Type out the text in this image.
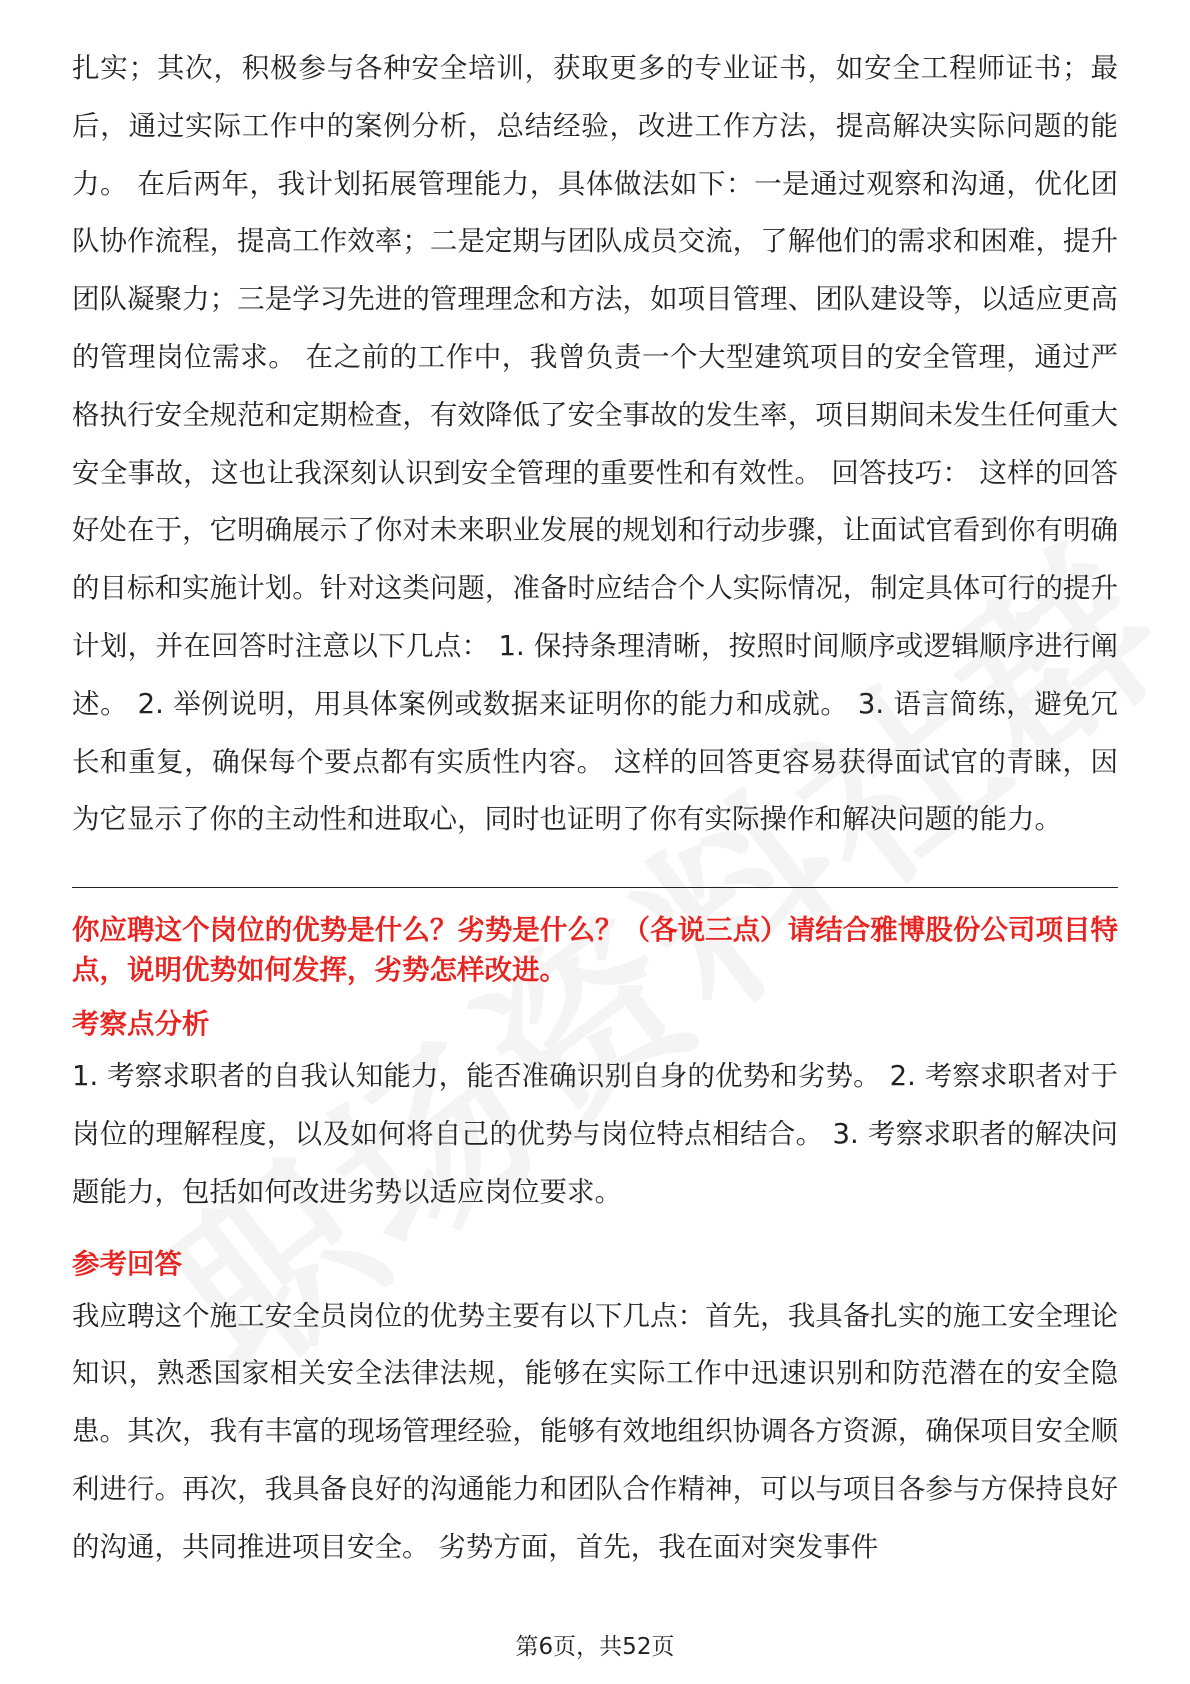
扎实；其次，积极参与各种安全培训，获取更多的专业证书，如安全工程师证书；最后，通过实际工作中的案例分析，总结经验，改进工作方法，提高解决实际问题的能力。 在后两年，我计划拓展管理能力，具体做法如下：一是通过观察和沟通，优化团队协作流程，提高工作效率；二是定期与团队成员交流，了解他们的需求和困难，提升团队凝聚力；三是学习先进的管理理念和方法，如项目管理、团队建设等，以适应更高的管理岗位需求。 在之前的工作中，我曾负责一个大型建筑项目的安全管理，通过严格执行安全规范和定期检查，有效降低了安全事故的发生率，项目期间未发生任何重大安全事故，这也让我深刻认识到安全管理的重要性和有效性。 回答技巧： 这样的回答好处在于，它明确展示了你对未来职业发展的规划和行动步骤，让面试官看到你有明确的目标和实施计划。针对这类问题，准备时应结合个人实际情况，制定具体可行的提升计划，并在回答时注意以下几点： 1. 保持条理清晰，按照时间顺序或逻辑顺序进行阐述。 2. 举例说明，用具体案例或数据来证明你的能力和成就。 3. 语言简练，避免冗长和重复，确保每个要点都有实质性内容。 这样的回答更容易获得面试官的青睐，因为它显示了你的主动性和进取心，同时也证明了你有实际操作和解决问题的能力。

你应聘这个岗位的优势是什么？劣势是什么？（各说三点）请结合雅博股份公司项目特点，说明优势如何发挥，劣势怎样改进。

考察点分析

1. 考察求职者的自我认知能力，能否准确识别自身的优势和劣势。 2. 考察求职者对于岗位的理解程度，以及如何将自己的优势与岗位特点相结合。 3. 考察求职者的解决问题能力，包括如何改进劣势以适应岗位要求。

参考回答

我应聘这个施工安全员岗位的优势主要有以下几点：首先，我具备扎实的施工安全理论知识，熟悉国家相关安全法律法规，能够在实际工作中迅速识别和防范潜在的安全隐患。其次，我有丰富的现场管理经验，能够有效地组织协调各方资源，确保项目安全顺利进行。再次，我具备良好的沟通能力和团队合作精神，可以与项目各参与方保持良好的沟通，共同推进项目安全。 劣势方面，首先，我在面对突发事件

第6页，共52页
